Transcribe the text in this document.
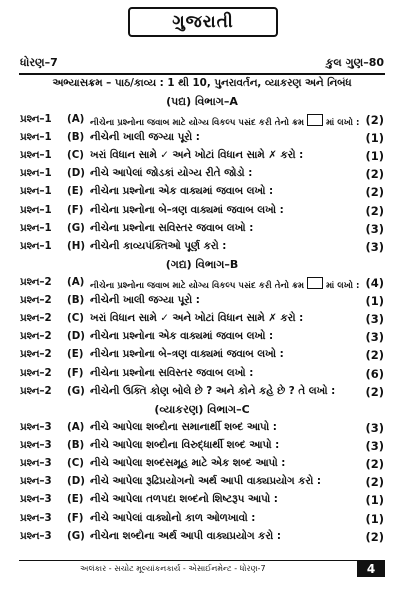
ગુજરાતી
ધોરણ–7	કુલ ગુણ–80
અભ્યાસક્રમ – પાઠ/કાવ્ય : 1 થી 10, પુનરાવર્તન, વ્યાકરણ અને નિબંધ
(પદ્ય) વિભાગ–A
પ્રશ્ન–1	(A) નીચેના પ્રશ્નોના જવાબ માટે યોગ્ય વિકલ્પ પસંદ કરી તેનો ક્રમ	માં લખો : (2)
પ્રશ્ન–1	(B) નીચેની ખાલી જગ્યા પૂરો :	(1)
પ્રશ્ન–1	(C) ખરાં વિધાન સામે ✓ અને ખોટાં વિધાન સામે ✗ કરો :	(1)
પ્રશ્ન–1	(D) નીચે આપેલાં જોડકાં યોગ્ય રીતે જોડો :	(2)
પ્રશ્ન–1	(E) નીચેના પ્રશ્નોના એક વાક્યમાં જવાબ લખો :	(2)
પ્રશ્ન–1	(F) નીચેના પ્રશ્નોના બે–ત્રણ વાક્યમાં જવાબ લખો :	(2)
પ્રશ્ન–1	(G) નીચેના પ્રશ્નોના સવિસ્તર જવાબ લખો :	(3)
પ્રશ્ન–1	(H) નીચેની કાવ્યપંક્તિઓ પૂર્ણ કરો :	(3)
(ગદ્ય) વિભાગ–B
પ્રશ્ન–2	(A) નીચેના પ્રશ્નોના જવાબ માટે યોગ્ય વિકલ્પ પસંદ કરી તેનો ક્રમ	માં લખો : (4)
પ્રશ્ન–2	(B) નીચેની ખાલી જગ્યા પૂરો :	(1)
પ્રશ્ન–2	(C) ખરાં વિધાન સામે ✓ અને ખોટાં વિધાન સામે ✗ કરો :	(3)
પ્રશ્ન–2	(D) નીચેના પ્રશ્નોના એક વાક્યમાં જવાબ લખો :	(3)
પ્રશ્ન–2	(E) નીચેના પ્રશ્નોના બે–ત્રણ વાક્યમાં જવાબ લખો :	(2)
પ્રશ્ન–2	(F) નીચેના પ્રશ્નોના સવિસ્તર જવાબ લખો :	(6)
પ્રશ્ન–2	(G) નીચેની ઉક્તિ કોણ બોલે છે ? અને કોને કહે છે ? તે લખો :	(2)
(વ્યાકરણ) વિભાગ–C
પ્રશ્ન–3	(A) નીચે આપેલા શબ્દોના સમાનાર્થી શબ્દ આપો :	(3)
પ્રશ્ન–3	(B) નીચે આપેલા શબ્દોના વિરુદ્ધાર્થી શબ્દ આપો :	(3)
પ્રશ્ન–3	(C) નીચે આપેલા શબ્દસમૂહ માટે એક શબ્દ આપો :	(2)
પ્રશ્ન–3	(D) નીચે આપેલા રૂઢિપ્રયોગનો અર્થ આપી વાક્યપ્રયોગ કરો :	(2)
પ્રશ્ન–3	(E) નીચે આપેલા તળપદા શબ્દનો શિષ્ટરૂપ આપો :	(1)
પ્રશ્ન–3	(F) નીચે આપેલાં વાક્યોનો કાળ ઓળખાવો :	(1)
પ્રશ્ન–3	(G) નીચેના શબ્દોના અર્થ આપી વાક્યપ્રયોગ કરો :	(2)
અલંકાર - સચોટ મૂલ્યાંકનકાર્ય - એસાઈનમેન્ટ - ધોરણ-7	4
